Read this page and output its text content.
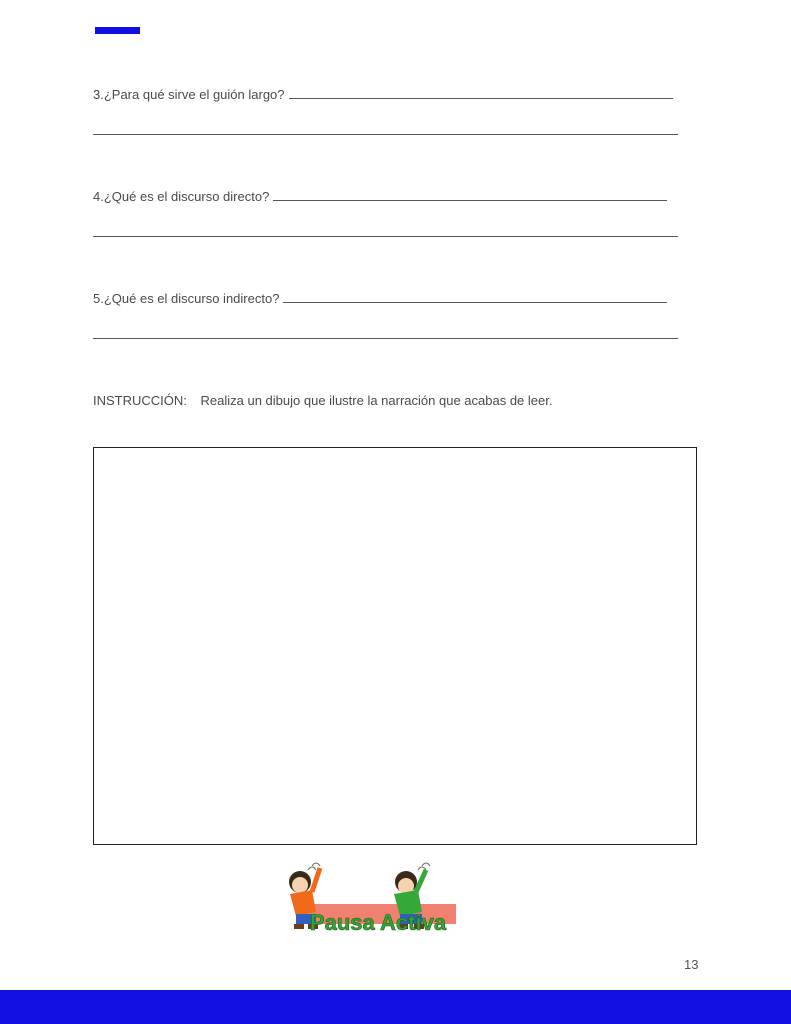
3.¿Para qué sirve el guión largo?
4.¿Qué es el discurso directo?
5.¿Qué es el discurso indirecto?
INSTRUCCIÓN: Realiza un dibujo que ilustre la narración que acabas de leer.
Pausa Activa
13
